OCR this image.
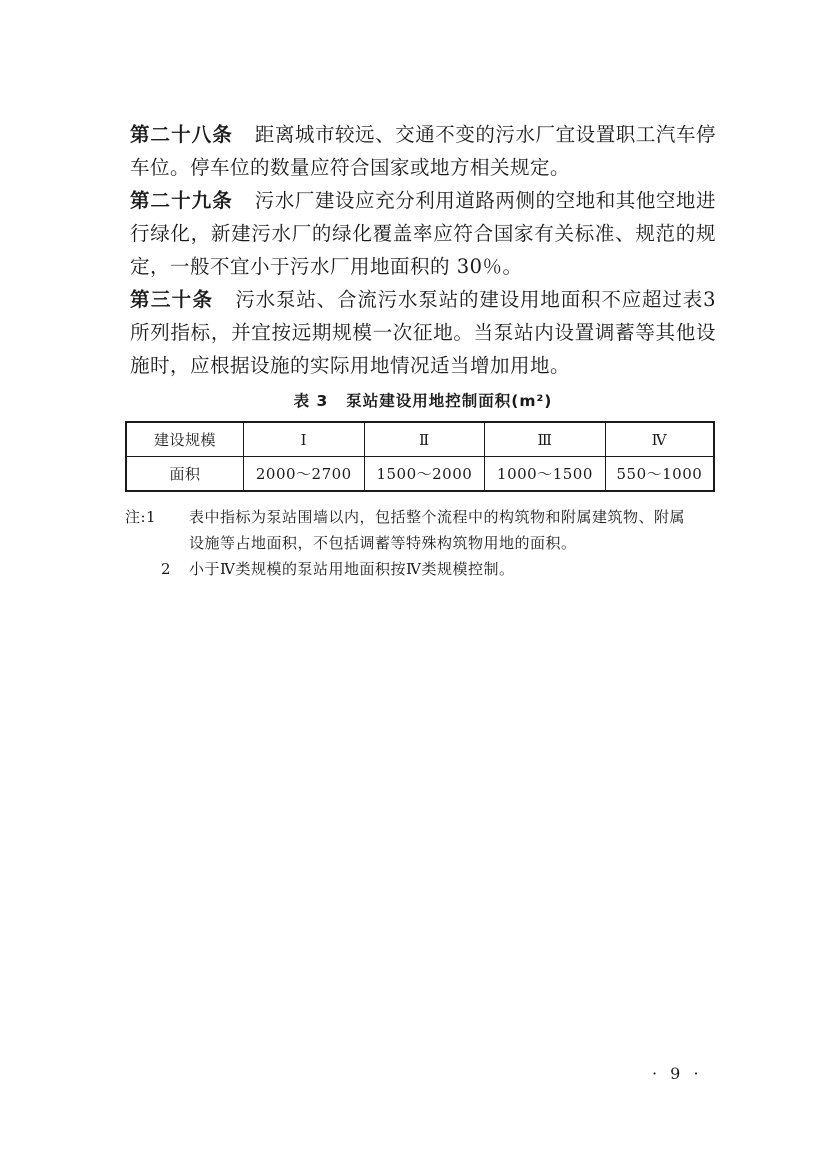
第二十八条 距离城市较远、交通不变的污水厂宜设置职工汽车停车位。停车位的数量应符合国家或地方相关规定。

第二十九条 污水厂建设应充分利用道路两侧的空地和其他空地进行绿化，新建污水厂的绿化覆盖率应符合国家有关标准、规范的规定，一般不宜小于污水厂用地面积的 30％。

第三十条 污水泵站、合流污水泵站的建设用地面积不应超过表3所列指标，并宜按远期规模一次征地。当泵站内设置调蓄等其他设施时，应根据设施的实际用地情况适当增加用地。

表 3 泵站建设用地控制面积(m²)
建设规模	Ⅰ	Ⅱ	Ⅲ	Ⅳ
面积	2000～2700	1500～2000	1000～1500	550～1000
注:1	表中指标为泵站围墙以内，包括整个流程中的构筑物和附属建筑物、附属
设施等占地面积，不包括调蓄等特殊构筑物用地的面积。
2	小于Ⅳ类规模的泵站用地面积按Ⅳ类规模控制。
· 9 ·
